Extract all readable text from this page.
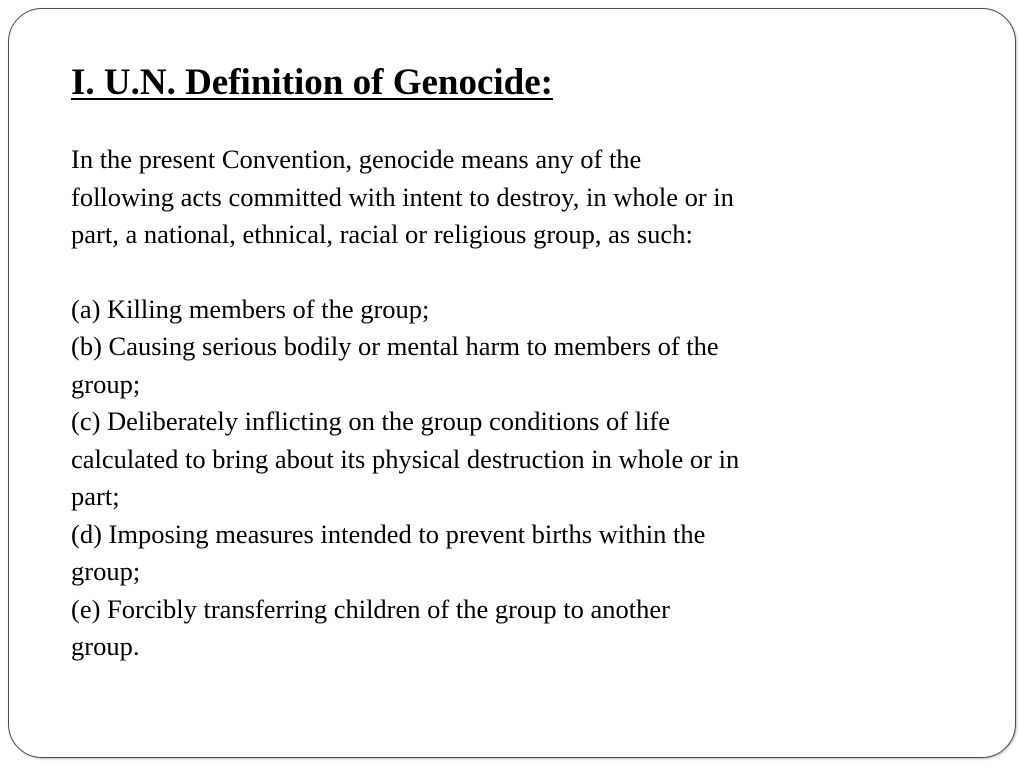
I. U.N. Definition of Genocide:

In the present Convention, genocide means any of the
following acts committed with intent to destroy, in whole or in
part, a national, ethnical, racial or religious group, as such:

(a) Killing members of the group;
(b) Causing serious bodily or mental harm to members of the
group;
(c) Deliberately inflicting on the group conditions of life
calculated to bring about its physical destruction in whole or in
part;
(d) Imposing measures intended to prevent births within the
group;
(e) Forcibly transferring children of the group to another
group.
